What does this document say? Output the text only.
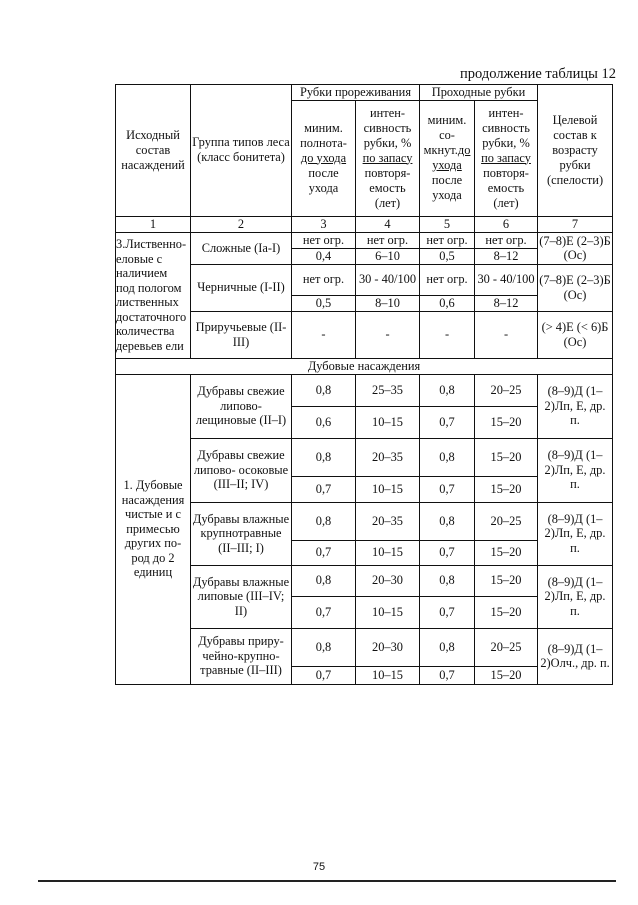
продолжение таблицы 12
Исходный состав насаждений	Группа типов леса (класс бонитета)	Рубки прореживания		Проходные рубки		Целевой состав к возрасту рубки (спелости)
		миним. полнота- до ухода после ухода	интен- сивность рубки, % по запасу повторя- емость (лет)	миним. со- мкнут.до ухода после ухода	интен- сивность рубки, % по запасу повторя- емость (лет)	
1	2	3	4	5	6	7
3.Лиственно- еловые с наличием под пологом лиственных достаточного количества деревьев ели	Сложные (Iа-I)	нет огр.	нет огр.	нет огр.	нет огр.	(7–8)Е (2–3)Б (Ос)
		0,4	6–10	0,5	8–12	
	Черничные (I-II)	нет огр.	30 - 40/100	нет огр.	30 - 40/100	(7–8)Е (2–3)Б (Ос)
		0,5	8–10	0,6	8–12	
	Приручьевые (II-III)	-	-	-	-	(> 4)Е (< 6)Б (Ос)
Дубовые насаждения						
1. Дубовые насаждения чистые и с примесью других по- род до 2 единиц	Дубравы свежие липово- лещиновые (II–I)	0,8	25–35	0,8	20–25	(8–9)Д (1–2)Лп, Е, др. п.
		0,6	10–15	0,7	15–20	
	Дубравы свежие липово- осоковые (III–II; IV)	0,8	20–35	0,8	15–20	(8–9)Д (1–2)Лп, Е, др. п.
		0,7	10–15	0,7	15–20	
	Дубравы влажные крупнотравные (II–III; I)	0,8	20–35	0,8	20–25	(8–9)Д (1–2)Лп, Е, др. п.
		0,7	10–15	0,7	15–20	
	Дубравы влажные липовые (III–IV; II)	0,8	20–30	0,8	15–20	(8–9)Д (1–2)Лп, Е, др. п.
		0,7	10–15	0,7	15–20	
	Дубравы приру- чейно-крупно- травные (II–III)	0,8	20–30	0,8	20–25	(8–9)Д (1–2)Олч., др. п.
		0,7	10–15	0,7	15–20	
75
